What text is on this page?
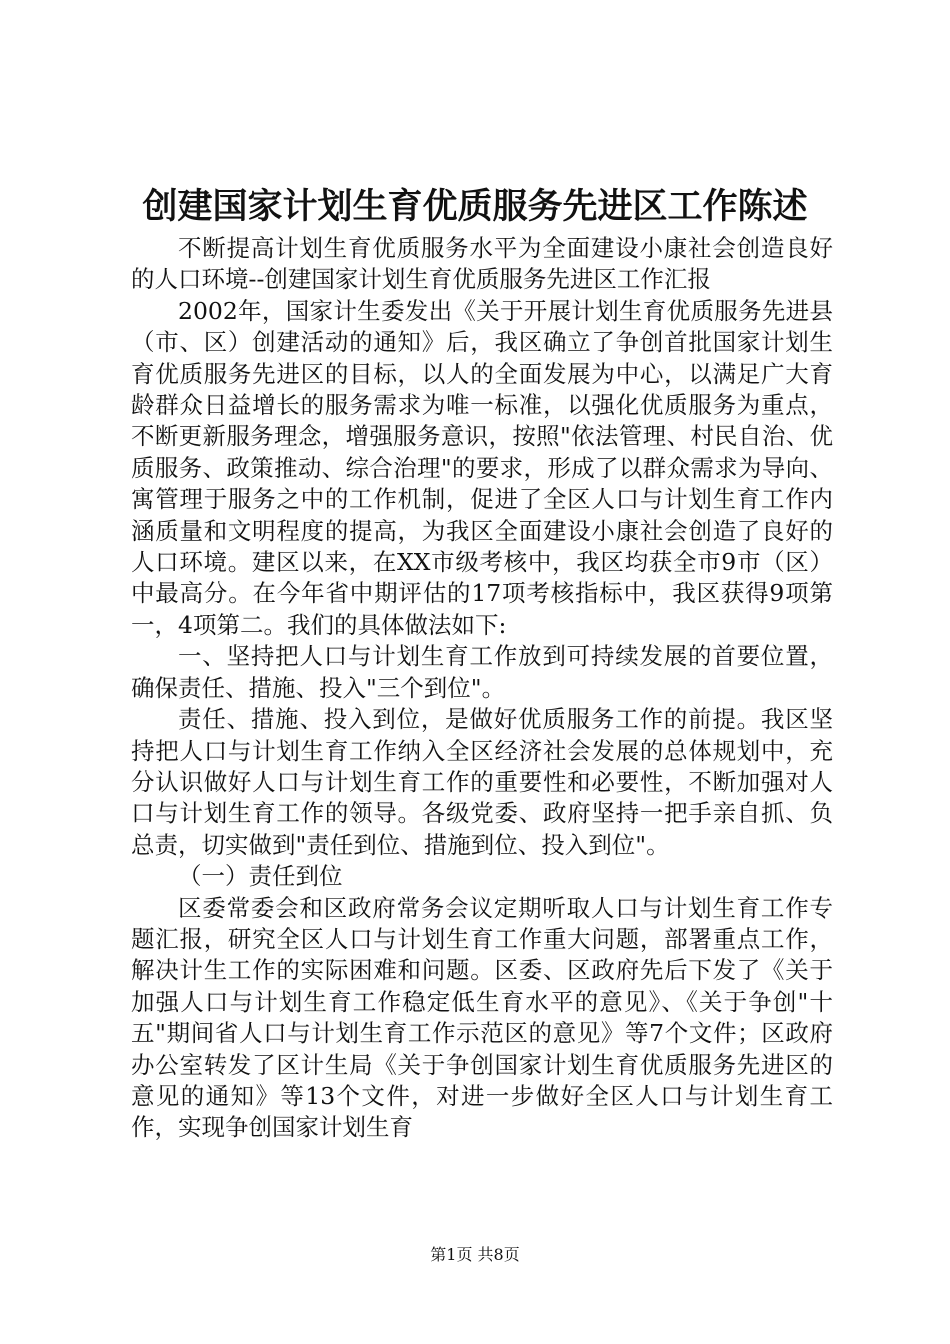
创建国家计划生育优质服务先进区工作陈述

不断提高计划生育优质服务水平为全面建设小康社会创造良好的人口环境--创建国家计划生育优质服务先进区工作汇报

2002年，国家计生委发出《关于开展计划生育优质服务先进县（市、区）创建活动的通知》后，我区确立了争创首批国家计划生育优质服务先进区的目标，以人的全面发展为中心，以满足广大育龄群众日益增长的服务需求为唯一标准，以强化优质服务为重点，不断更新服务理念，增强服务意识，按照"依法管理、村民自治、优质服务、政策推动、综合治理"的要求，形成了以群众需求为导向、寓管理于服务之中的工作机制，促进了全区人口与计划生育工作内涵质量和文明程度的提高，为我区全面建设小康社会创造了良好的人口环境。建区以来，在XX市级考核中，我区均获全市9市（区）中最高分。在今年省中期评估的17项考核指标中，我区获得9项第一，4项第二。我们的具体做法如下:

一、坚持把人口与计划生育工作放到可持续发展的首要位置，确保责任、措施、投入"三个到位"。

责任、措施、投入到位，是做好优质服务工作的前提。我区坚持把人口与计划生育工作纳入全区经济社会发展的总体规划中，充分认识做好人口与计划生育工作的重要性和必要性，不断加强对人口与计划生育工作的领导。各级党委、政府坚持一把手亲自抓、负总责，切实做到"责任到位、措施到位、投入到位"。

（一）责任到位

区委常委会和区政府常务会议定期听取人口与计划生育工作专题汇报，研究全区人口与计划生育工作重大问题，部署重点工作，解决计生工作的实际困难和问题。区委、区政府先后下发了《关于加强人口与计划生育工作稳定低生育水平的意见》、《关于争创"十五"期间省人口与计划生育工作示范区的意见》等7个文件；区政府办公室转发了区计生局《关于争创国家计划生育优质服务先进区的意见的通知》等13个文件，对进一步做好全区人口与计划生育工作，实现争创国家计划生育

第1页 共8页
